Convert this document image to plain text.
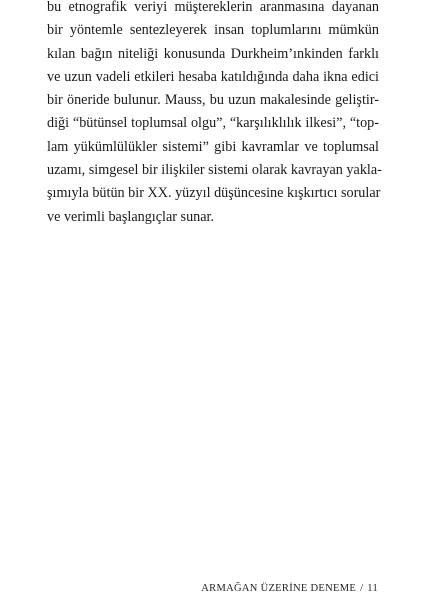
bu etnografik veriyi müştereklerin aranmasına dayanan
bir yöntemle sentezleyerek insan toplumlarını mümkün
kılan bağın niteliği konusunda Durkheim’ınkinden farklı
ve uzun vadeli etkileri hesaba katıldığında daha ikna edici
bir öneride bulunur. Mauss, bu uzun makalesinde geliştir-
diği “bütünsel toplumsal olgu”, “karşılıklılık ilkesi”, “top-
lam yükümlülükler sistemi” gibi kavramlar ve toplumsal
uzamı, simgesel bir ilişkiler sistemi olarak kavrayan yakla-
şımıyla bütün bir XX. yüzyıl düşüncesine kışkırtıcı sorular
ve verimli başlangıçlar sunar.
ARMAĞAN ÜZERİNE DENEME / 11
